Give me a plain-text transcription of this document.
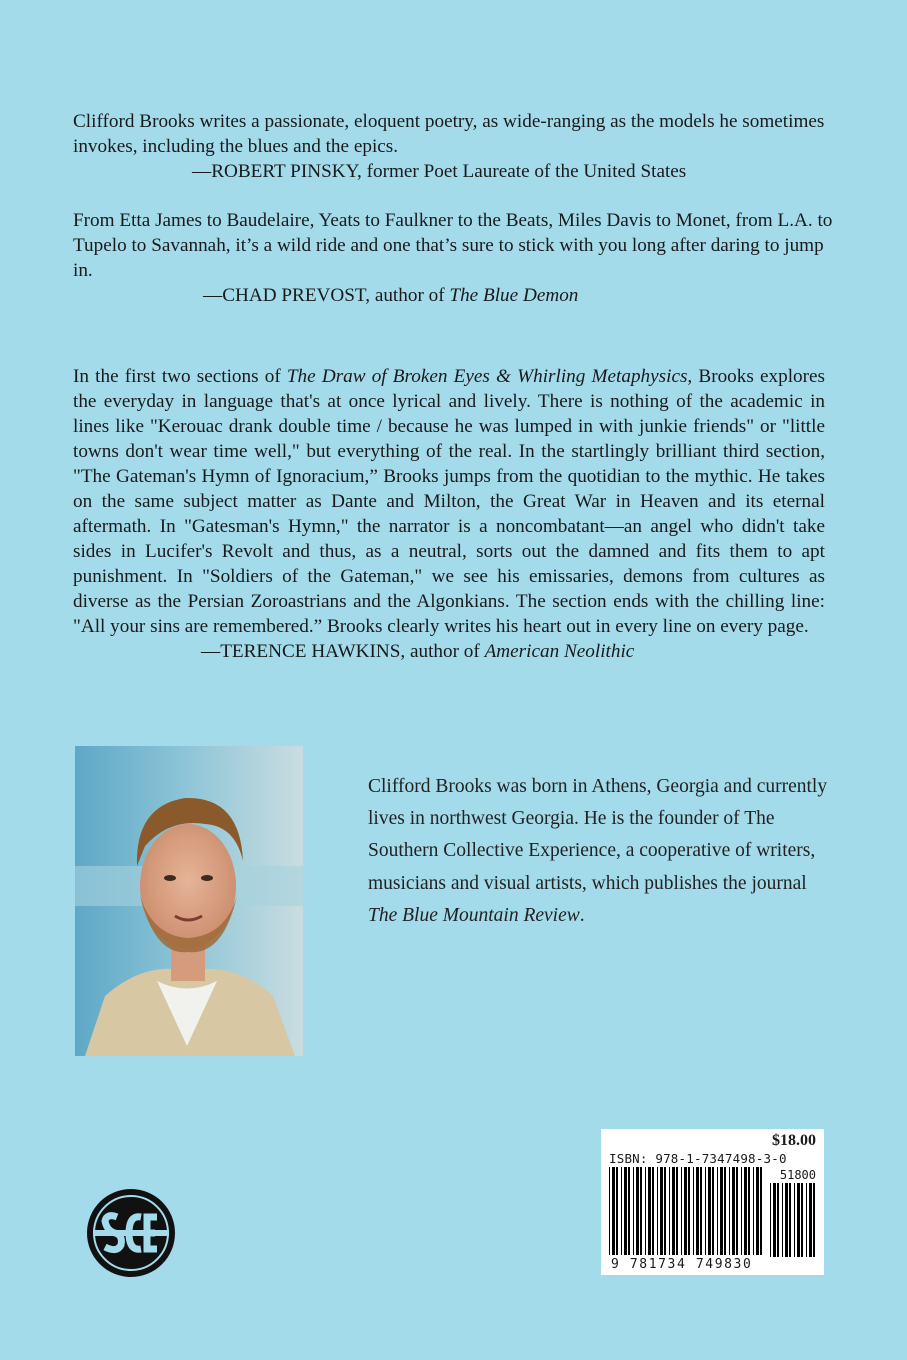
Clifford Brooks writes a passionate, eloquent poetry, as wide-ranging as the models he sometimes invokes, including the blues and the epics.

—ROBERT PINSKY, former Poet Laureate of the United States

From Etta James to Baudelaire, Yeats to Faulkner to the Beats, Miles Davis to Monet, from L.A. to Tupelo to Savannah, it’s a wild ride and one that’s sure to stick with you long after daring to jump in.

—CHAD PREVOST, author of The Blue Demon

In the first two sections of The Draw of Broken Eyes & Whirling Metaphysics, Brooks explores the everyday in language that's at once lyrical and lively. There is nothing of the academic in lines like "Kerouac drank double time / because he was lumped in with junkie friends" or "little towns don't wear time well," but everything of the real. In the startlingly brilliant third section, "The Gateman's Hymn of Ignoracium,” Brooks jumps from the quotidian to the mythic. He takes on the same subject matter as Dante and Milton, the Great War in Heaven and its eternal aftermath. In "Gatesman's Hymn," the narrator is a noncombatant—an angel who didn't take sides in Lucifer's Revolt and thus, as a neutral, sorts out the damned and fits them to apt punishment. In "Soldiers of the Gateman," we see his emissaries, demons from cultures as diverse as the Persian Zoroastrians and the Algonkians. The section ends with the chilling line: "All your sins are remembered.” Brooks clearly writes his heart out in every line on every page.

—TERENCE HAWKINS, author of American Neolithic
Clifford Brooks was born in Athens, Georgia and currently lives in northwest Georgia. He is the founder of The Southern Collective Experience, a cooperative of writers, musicians and visual artists, which publishes the journal The Blue Mountain Review.
$18.00
ISBN: 978-1-7347498-3-0
51800
9 781734 749830
